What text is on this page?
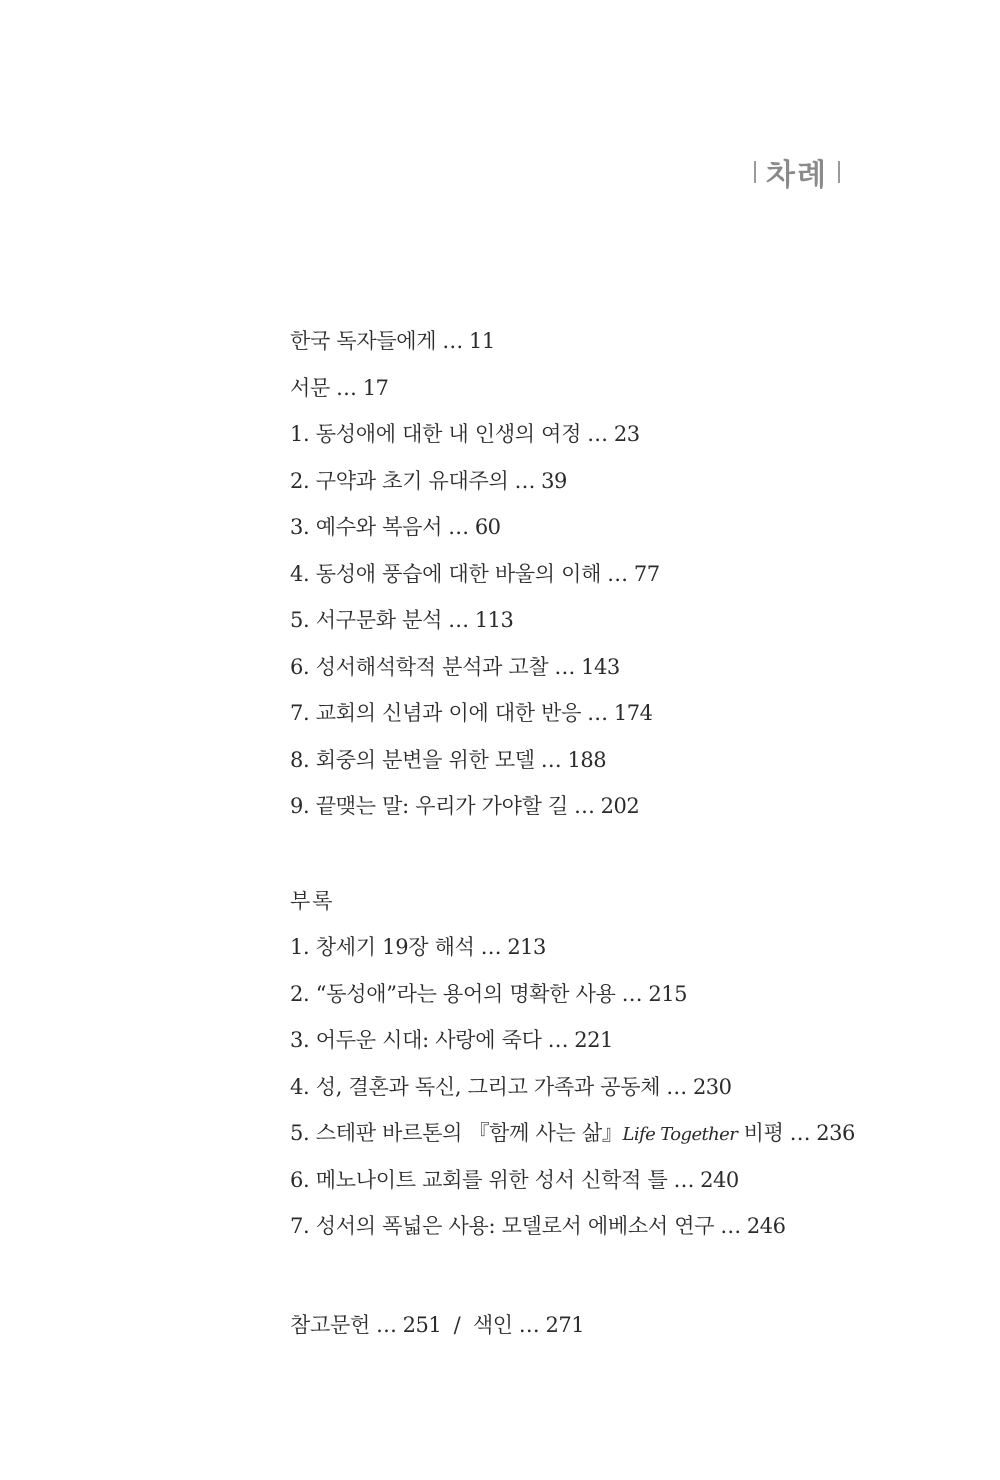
차례
한국 독자들에게 … 11
서문 … 17
1. 동성애에 대한 내 인생의 여정 … 23
2. 구약과 초기 유대주의 … 39
3. 예수와 복음서 … 60
4. 동성애 풍습에 대한 바울의 이해 … 77
5. 서구문화 분석 … 113
6. 성서해석학적 분석과 고찰 … 143
7. 교회의 신념과 이에 대한 반응 … 174
8. 회중의 분변을 위한 모델 … 188
9. 끝맺는 말: 우리가 가야할 길 … 202
부록
1. 창세기 19장 해석 … 213
2. “동성애”라는 용어의 명확한 사용 … 215
3. 어두운 시대: 사랑에 죽다 … 221
4. 성, 결혼과 독신, 그리고 가족과 공동체 … 230
5. 스테판 바르톤의 『함께 사는 삶』Life Together 비평 … 236
6. 메노나이트 교회를 위한 성서 신학적 틀 … 240
7. 성서의 폭넓은 사용: 모델로서 에베소서 연구 … 246
참고문헌 … 251 / 색인 … 271
